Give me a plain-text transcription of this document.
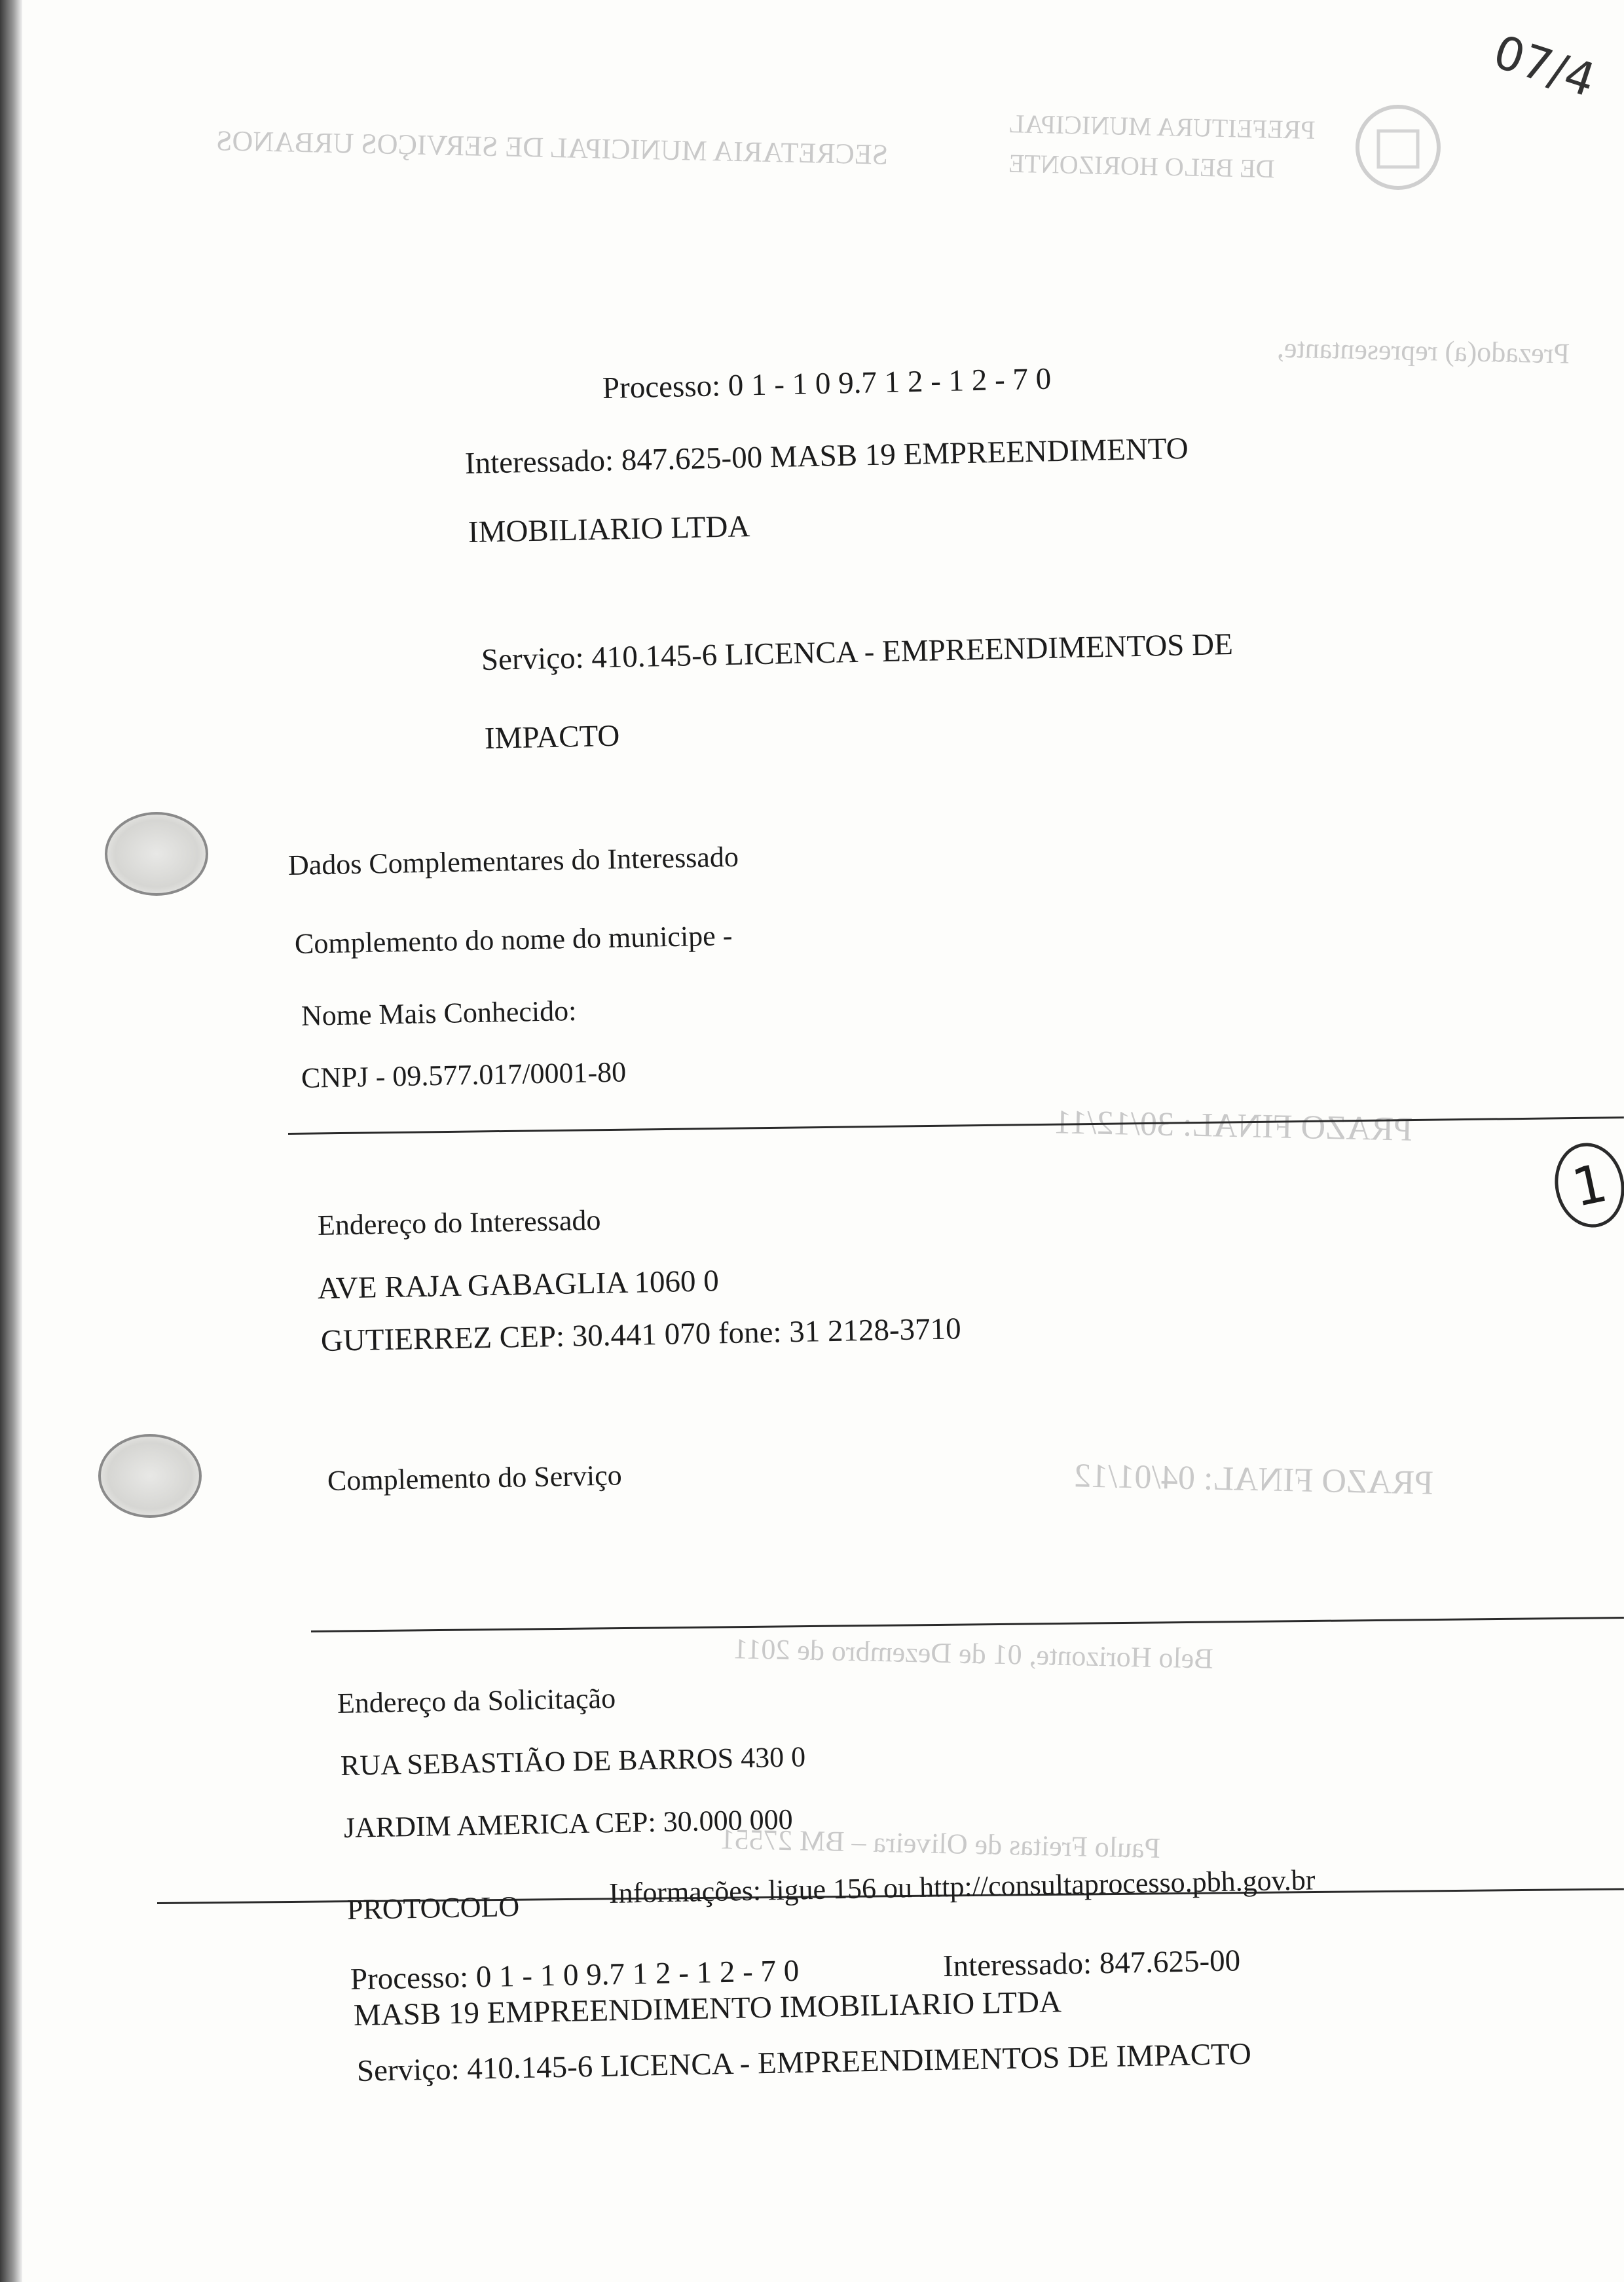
SECRETARIA MUNICIPAL DE SERVIÇOS URBANOS	PREFEITURA MUNICIPAL
DE BELO HORIZONTE
Prezado(a) representante,
PRAZO FINAL: 30/12/11
PRAZO FINAL: 04/01/12
Belo Horizonte, 01 de Dezembro de 2011
Paulo Freitas de Oliveira – BM 27551
07/4
Processo: 0 1 - 1 0 9.7 1 2 - 1 2 - 7 0
Interessado: 847.625-00 MASB 19 EMPREENDIMENTO
IMOBILIARIO LTDA
Serviço: 410.145-6 LICENCA - EMPREENDIMENTOS DE
IMPACTO
Dados Complementares do Interessado
Complemento do nome do municipe -
Nome Mais Conhecido:
CNPJ - 09.577.017/0001-80
Endereço do Interessado
AVE RAJA GABAGLIA 1060 0
GUTIERREZ CEP: 30.441 070 fone: 31 2128-3710
Complemento do Serviço
Endereço da Solicitação
RUA SEBASTIÃO DE BARROS 430 0
JARDIM AMERICA CEP: 30.000 000
PROTOCOLO	Informações: ligue 156 ou http://consultaprocesso.pbh.gov.br
Processo: 0 1 - 1 0 9.7 1 2 - 1 2 - 7 0	Interessado: 847.625-00
MASB 19 EMPREENDIMENTO IMOBILIARIO LTDA
Serviço: 410.145-6 LICENCA - EMPREENDIMENTOS DE IMPACTO
1
